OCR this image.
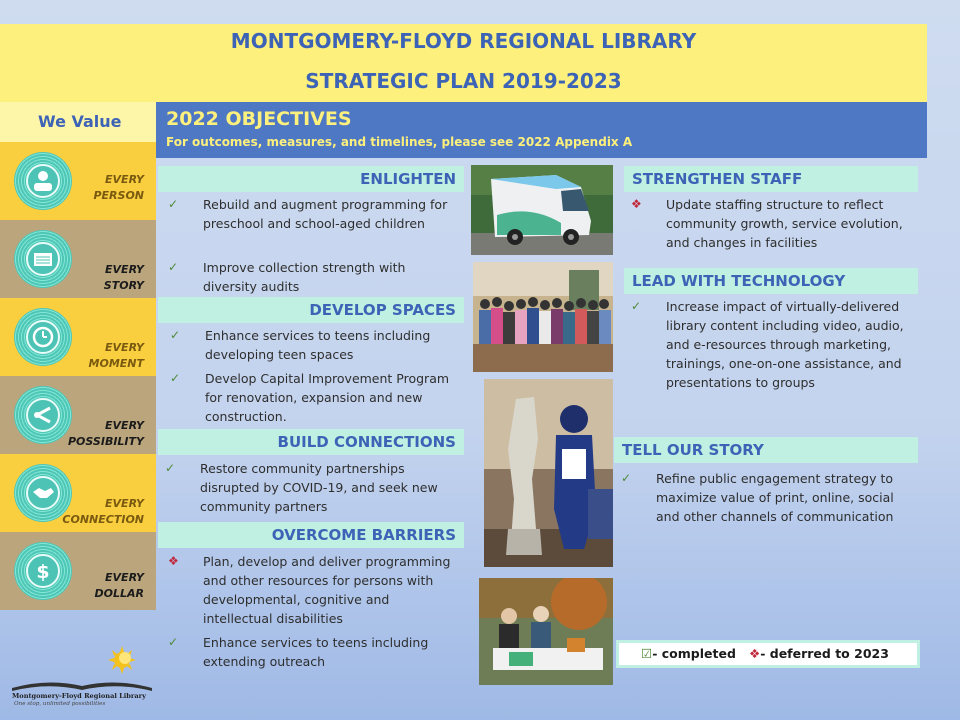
MONTGOMERY-FLOYD REGIONAL LIBRARY
STRATEGIC PLAN 2019-2023
We Value
EVERY
PERSON
EVERY
STORY
EVERY
MOMENT
EVERY
POSSIBILITY
EVERY
CONNECTION
$	EVERY
DOLLAR
2022 OBJECTIVES
For outcomes, measures, and timelines, please see 2022 Appendix A
ENLIGHTEN
✓ Rebuild and augment programming for preschool and school-aged children
✓ Improve collection strength with diversity audits
DEVELOP SPACES
✓ Enhance services to teens including developing teen spaces
✓ Develop Capital Improvement Program for renovation, expansion and new construction.
BUILD CONNECTIONS
✓ Restore community partnerships disrupted by COVID-19, and seek new community partners
OVERCOME BARRIERS
❖ Plan, develop and deliver programming and other resources for persons with developmental, cognitive and intellectual disabilities
✓ Enhance services to teens including extending outreach
STRENGTHEN STAFF
❖ Update staffing structure to reflect community growth, service evolution, and changes in facilities
LEAD WITH TECHNOLOGY
✓ Increase impact of virtually-delivered library content including video, audio, and e-resources through marketing, trainings, one-on-one assistance, and presentations to groups
TELL OUR STORY
✓ Refine public engagement strategy to maximize value of print, online, social and other channels of communication
☑- completed ❖- deferred to 2023
Montgomery-Floyd Regional Library
One stop, unlimited possibilities
